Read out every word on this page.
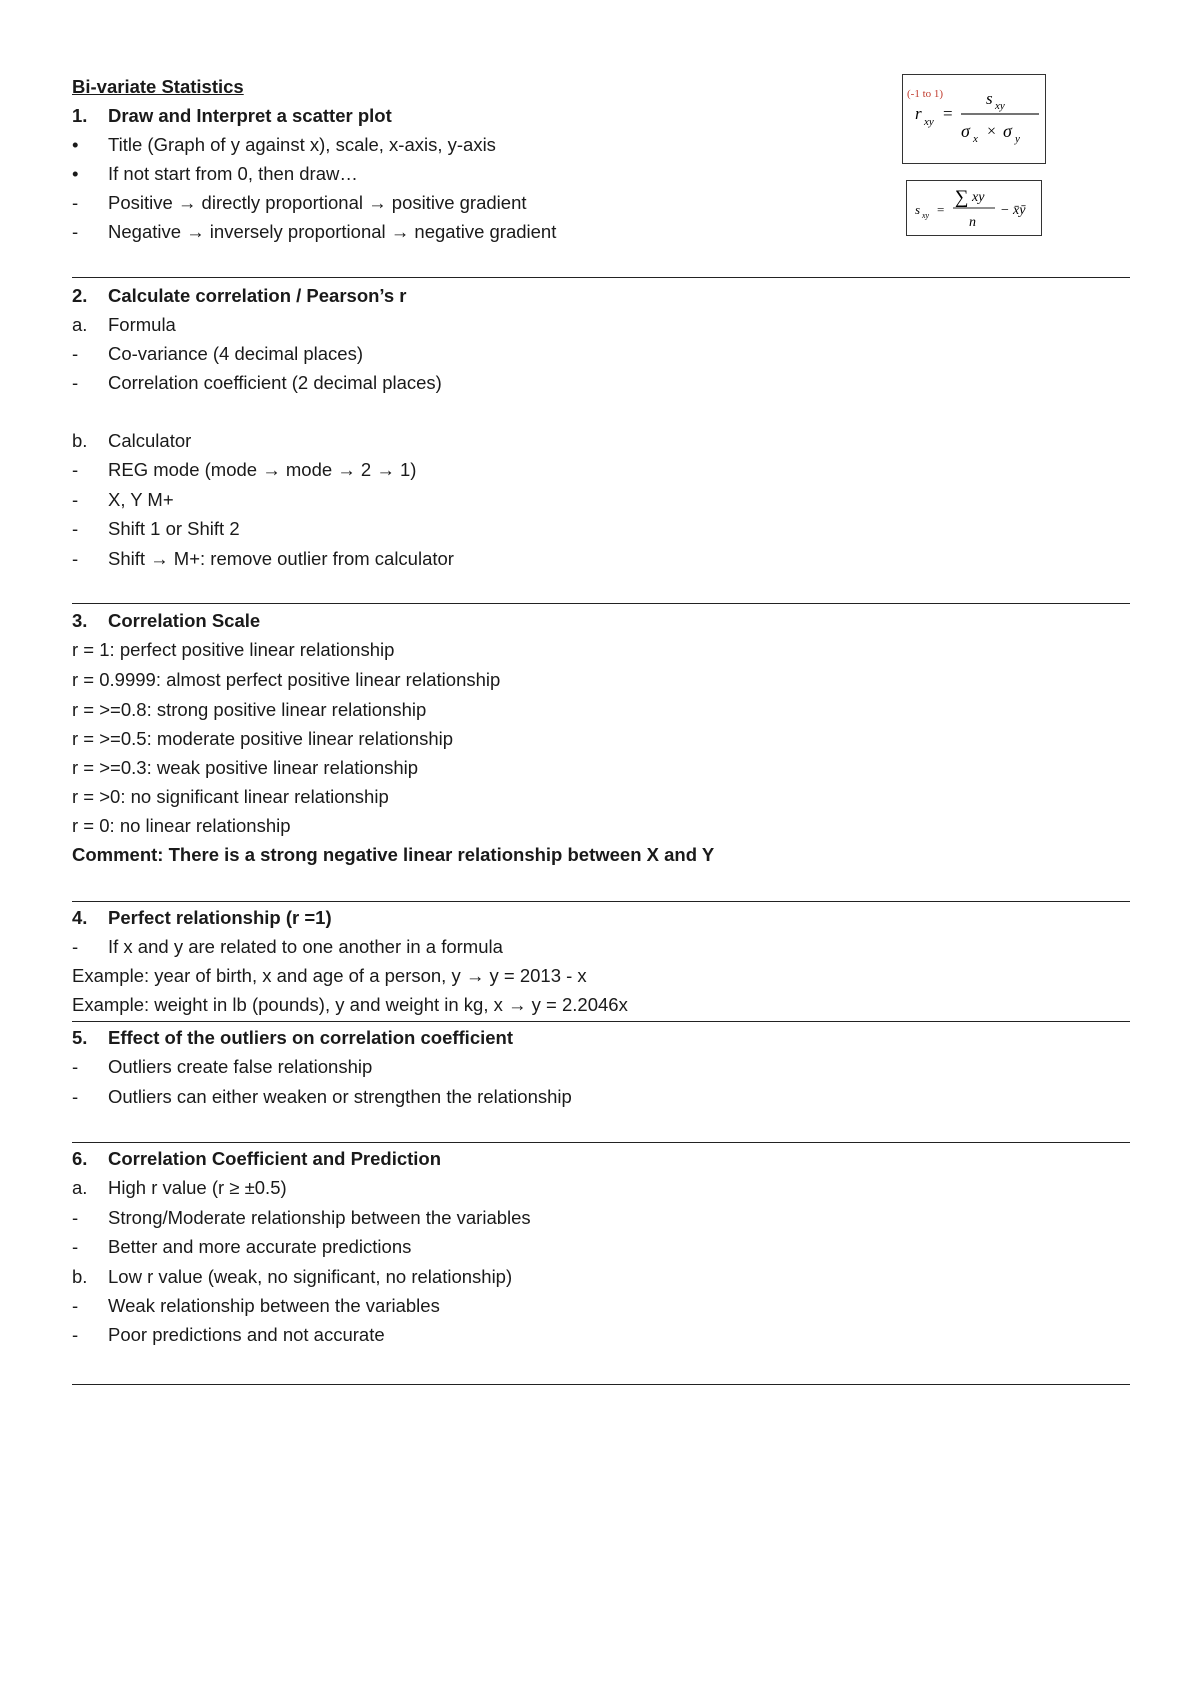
Bi-variate Statistics
1. Draw and Interpret a scatter plot
• Title (Graph of y against x), scale, x-axis, y-axis
• If not start from 0, then draw…
- Positive → directly proportional → positive gradient
- Negative → inversely proportional → negative gradient
(-1 to 1)
r xy =
s xy
σ x × σ y
s xy =
∑ xy
n
− x̄ȳ
2. Calculate correlation / Pearson’s r
a. Formula
- Co-variance (4 decimal places)
- Correlation coefficient (2 decimal places)
b. Calculator
- REG mode (mode → mode → 2 → 1)
- X, Y M+
- Shift 1 or Shift 2
- Shift → M+: remove outlier from calculator
3. Correlation Scale
r = 1: perfect positive linear relationship
r = 0.9999: almost perfect positive linear relationship
r = >=0.8: strong positive linear relationship
r = >=0.5: moderate positive linear relationship
r = >=0.3: weak positive linear relationship
r = >0: no significant linear relationship
r = 0: no linear relationship
Comment: There is a strong negative linear relationship between X and Y
4. Perfect relationship (r =1)
- If x and y are related to one another in a formula
Example: year of birth, x and age of a person, y → y = 2013 - x
Example: weight in lb (pounds), y and weight in kg, x → y = 2.2046x
5. Effect of the outliers on correlation coefficient
- Outliers create false relationship
- Outliers can either weaken or strengthen the relationship
6. Correlation Coefficient and Prediction
a. High r value (r ≥ ±0.5)
- Strong/Moderate relationship between the variables
- Better and more accurate predictions
b. Low r value (weak, no significant, no relationship)
- Weak relationship between the variables
- Poor predictions and not accurate
